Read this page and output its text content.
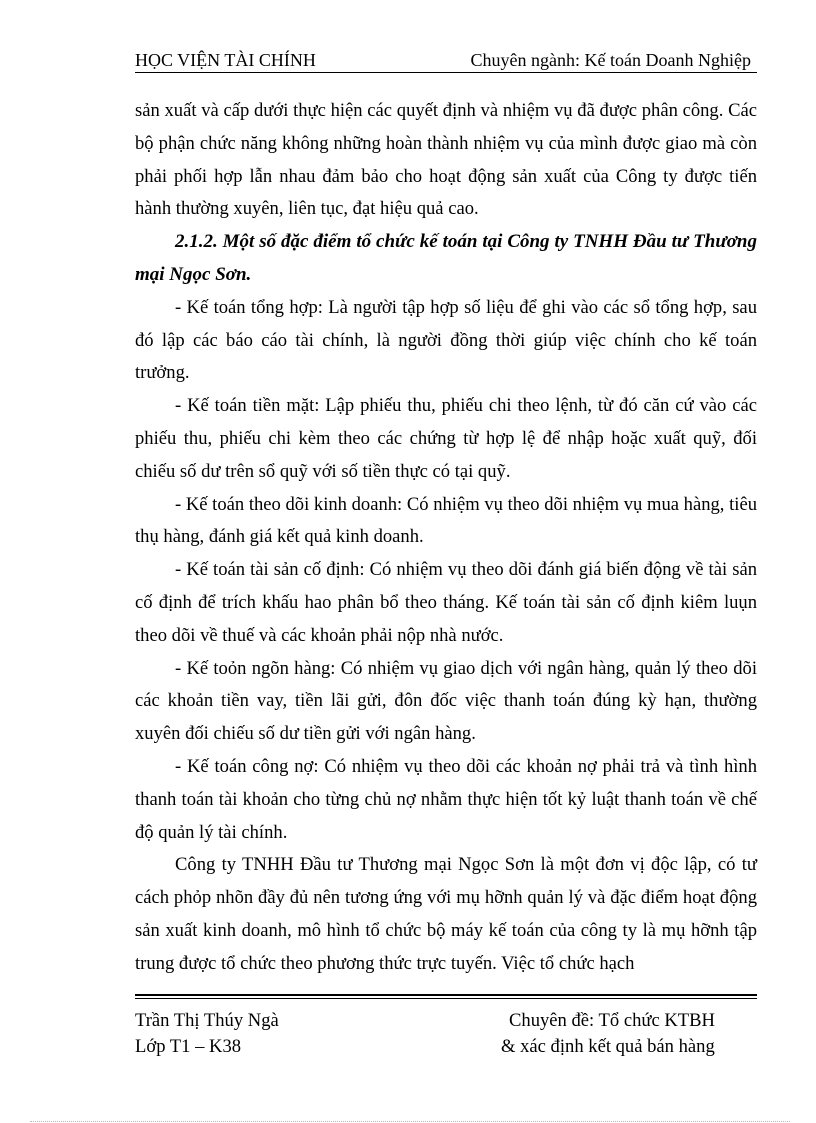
HỌC VIỆN TÀI CHÍNH	Chuyên ngành: Kế toán Doanh Nghiệp

sản xuất và cấp dưới thực hiện các quyết định và nhiệm vụ đã được phân công. Các bộ phận chức năng không những hoàn thành nhiệm vụ của mình được giao mà còn phải phối hợp lẫn nhau đảm bảo cho hoạt động sản xuất của Công ty được tiến hành thường xuyên, liên tục, đạt hiệu quả cao.

2.1.2. Một số đặc điểm tổ chức kế toán tại Công ty TNHH Đầu tư Thương mại Ngọc Sơn.

- Kế toán tổng hợp: Là người tập hợp số liệu để ghi vào các sổ tổng hợp, sau đó lập các báo cáo tài chính, là người đồng thời giúp việc chính cho kế toán trưởng.

- Kế toán tiền mặt: Lập phiếu thu, phiếu chi theo lệnh, từ đó căn cứ vào các phiếu thu, phiếu chi kèm theo các chứng từ hợp lệ để nhập hoặc xuất quỹ, đối chiếu số dư trên sổ quỹ với số tiền thực có tại quỹ.

- Kế toán theo dõi kinh doanh: Có nhiệm vụ theo dõi nhiệm vụ mua hàng, tiêu thụ hàng, đánh giá kết quả kinh doanh.

- Kế toán tài sản cố định: Có nhiệm vụ theo dõi đánh giá biến động về tài sản cố định để trích khấu hao phân bổ theo tháng. Kế toán tài sản cố định kiêm luụn theo dõi về thuế và các khoản phải nộp nhà nước.

- Kế toỏn ngõn hàng: Có nhiệm vụ giao dịch với ngân hàng, quản lý theo dõi các khoản tiền vay, tiền lãi gửi, đôn đốc việc thanh toán đúng kỳ hạn, thường xuyên đối chiếu số dư tiền gửi với ngân hàng.

- Kế toán công nợ: Có nhiệm vụ theo dõi các khoản nợ phải trả và tình hình thanh toán tài khoản cho từng chủ nợ nhằm thực hiện tốt kỷ luật thanh toán về chế độ quản lý tài chính.

Công ty TNHH Đầu tư Thương mại Ngọc Sơn là một đơn vị độc lập, có tư cách phỏp nhõn đầy đủ nên tương ứng với mụ hỡnh quản lý và đặc điểm hoạt động sản xuất kinh doanh, mô hình tổ chức bộ máy kế toán của công ty là mụ hỡnh tập trung được tổ chức theo phương thức trực tuyến. Việc tổ chức hạch

Trần Thị Thúy Ngà
Lớp T1 – K38
Chuyên đề: Tổ chức KTBH
& xác định kết quả bán hàng
